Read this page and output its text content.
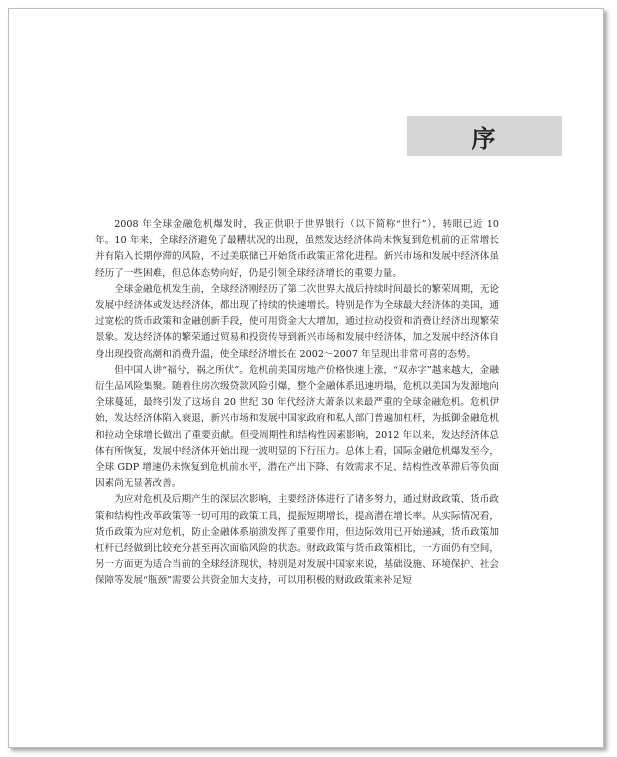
序

2008 年全球金融危机爆发时，我正供职于世界银行（以下简称“世行”），转眼已近 10 年。10 年来，全球经济避免了最糟状况的出现，虽然发达经济体尚未恢复到危机前的正常增长并有陷入长期停滞的风险，不过美联储已开始货币政策正常化进程。新兴市场和发展中经济体虽经历了一些困难，但总体态势向好，仍是引领全球经济增长的重要力量。

全球金融危机发生前，全球经济刚经历了第二次世界大战后持续时间最长的繁荣周期，无论发展中经济体或发达经济体，都出现了持续的快速增长。特别是作为全球最大经济体的美国，通过宽松的货币政策和金融创新手段，使可用资金大大增加，通过拉动投资和消费让经济出现繁荣景象。发达经济体的繁荣通过贸易和投资传导到新兴市场和发展中经济体，加之发展中经济体自身出现投资高潮和消费升温，使全球经济增长在 2002～2007 年呈现出非常可喜的态势。

但中国人讲“福兮，祸之所伏”。危机前美国房地产价格快速上涨，“双赤字”越来越大，金融衍生品风险集聚。随着住房次级贷款风险引爆，整个金融体系迅速坍塌，危机以美国为发源地向全球蔓延，最终引发了这场自 20 世纪 30 年代经济大萧条以来最严重的全球金融危机。危机伊始，发达经济体陷入衰退，新兴市场和发展中国家政府和私人部门普遍加杠杆，为抵御金融危机和拉动全球增长做出了重要贡献。但受周期性和结构性因素影响，2012 年以来，发达经济体总体有所恢复，发展中经济体开始出现一波明显的下行压力。总体上看，国际金融危机爆发至今，全球 GDP 增速仍未恢复到危机前水平，潜在产出下降、有效需求不足、结构性改革滞后等负面因素尚无显著改善。

为应对危机及后期产生的深层次影响，主要经济体进行了诸多努力，通过财政政策、货币政策和结构性改革政策等一切可用的政策工具，提振短期增长，提高潜在增长率。从实际情况看，货币政策为应对危机，防止金融体系崩溃发挥了重要作用，但边际效用已开始递减，货币政策加杠杆已经做到比较充分甚至再次面临风险的状态。财政政策与货币政策相比，一方面仍有空间，另一方面更为适合当前的全球经济现状，特别是对发展中国家来说，基础设施、环境保护、社会保障等发展“瓶颈”需要公共资金加大支持，可以用积极的财政政策来补足短
